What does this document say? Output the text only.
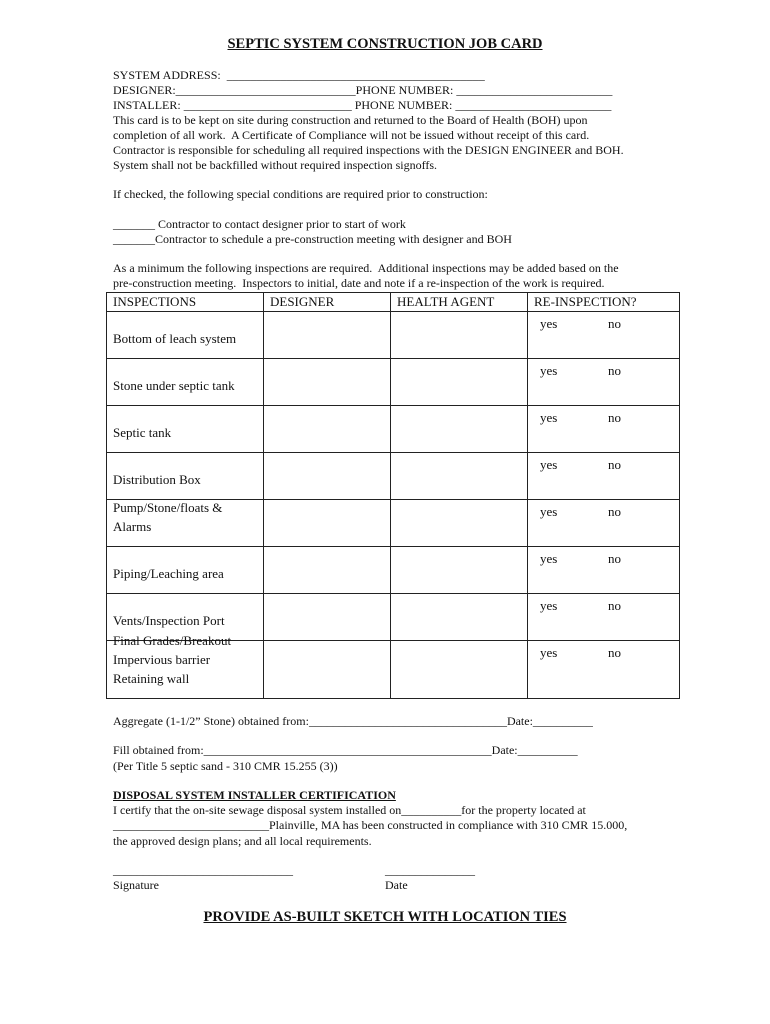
SEPTIC SYSTEM CONSTRUCTION JOB CARD
SYSTEM ADDRESS:  ___________________________________________
DESIGNER:______________________________PHONE NUMBER: __________________________
INSTALLER: ____________________________ PHONE NUMBER: __________________________
This card is to be kept on site during construction and returned to the Board of Health (BOH) upon
completion of all work.  A Certificate of Compliance will not be issued without receipt of this card.
Contractor is responsible for scheduling all required inspections with the DESIGN ENGINEER and BOH.
System shall not be backfilled without required inspection signoffs.
If checked, the following special conditions are required prior to construction:
_______ Contractor to contact designer prior to start of work
_______Contractor to schedule a pre-construction meeting with designer and BOH
As a minimum the following inspections are required.  Additional inspections may be added based on the
pre-construction meeting.  Inspectors to initial, date and note if a re-inspection of the work is required.
INSPECTIONS	DESIGNER	HEALTH AGENT	RE-INSPECTION?

Bottom of leach system			yes no

Stone under septic tank			yes no

Septic tank			yes no

Distribution Box			yes no

Pump/Stone/floats &
Alarms			yes no

Piping/Leaching area			yes no

Vents/Inspection Port			yes no

Final Grades/Breakout
Impervious barrier
Retaining wall			yes no
Aggregate (1-1/2” Stone) obtained from:_________________________________Date:__________
Fill obtained from:________________________________________________Date:__________
(Per Title 5 septic sand - 310 CMR 15.255 (3))
DISPOSAL SYSTEM INSTALLER CERTIFICATION
I certify that the on-site sewage disposal system installed on__________for the property located at
__________________________Plainville, MA has been constructed in compliance with 310 CMR 15.000,
the approved design plans; and all local requirements.
______________________________	_______________
Signature	Date
PROVIDE AS-BUILT SKETCH WITH LOCATION TIES
